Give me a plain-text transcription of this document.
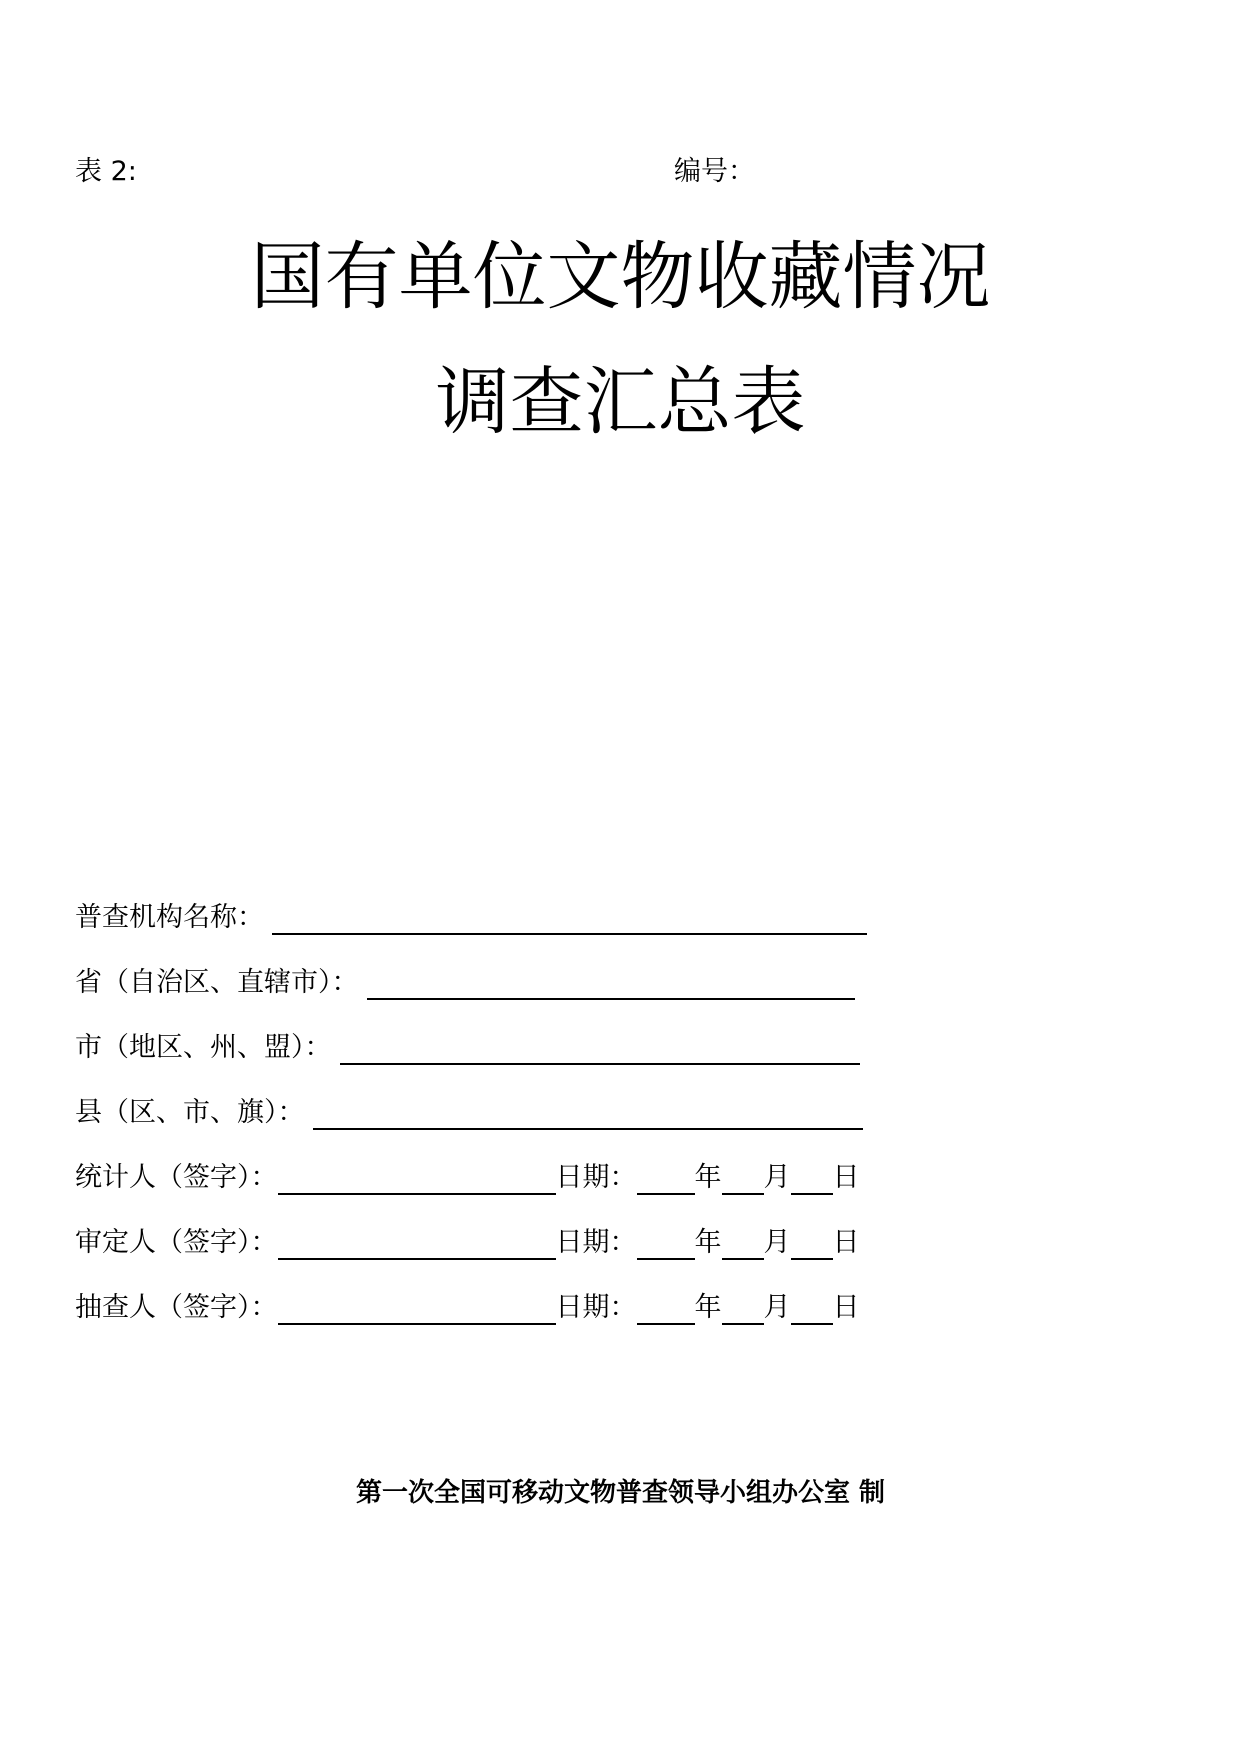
表 2:	编号：
国有单位文物收藏情况
调查汇总表
普查机构名称：
省（自治区、直辖市）：
市（地区、州、盟）：
县（区、市、旗）：
统计人（签字）：	日期： 年 月 日
审定人（签字）：	日期： 年 月 日
抽查人（签字）：	日期： 年 月 日
第一次全国可移动文物普查领导小组办公室 制
